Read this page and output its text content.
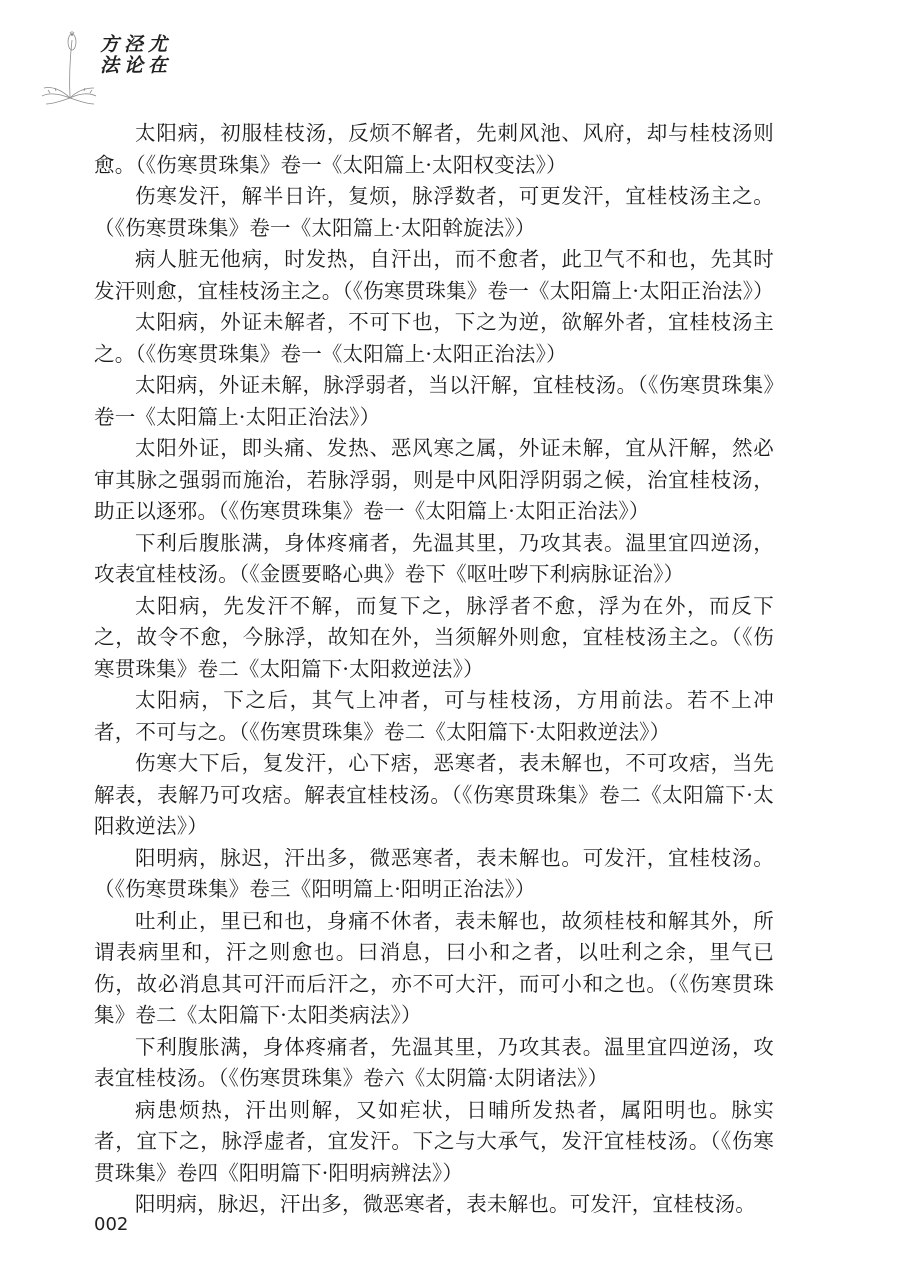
尤在
泾论
方法

太阳病，初服桂枝汤，反烦不解者，先刺风池、风府，却与桂枝汤则愈。（《伤寒贯珠集》卷一《太阳篇上·太阳权变法》）

伤寒发汗，解半日许，复烦，脉浮数者，可更发汗，宜桂枝汤主之。（《伤寒贯珠集》卷一《太阳篇上·太阳斡旋法》）

病人脏无他病，时发热，自汗出，而不愈者，此卫气不和也，先其时发汗则愈，宜桂枝汤主之。（《伤寒贯珠集》卷一《太阳篇上·太阳正治法》）

太阳病，外证未解者，不可下也，下之为逆，欲解外者，宜桂枝汤主之。（《伤寒贯珠集》卷一《太阳篇上·太阳正治法》）

太阳病，外证未解，脉浮弱者，当以汗解，宜桂枝汤。（《伤寒贯珠集》卷一《太阳篇上·太阳正治法》）

太阳外证，即头痛、发热、恶风寒之属，外证未解，宜从汗解，然必审其脉之强弱而施治，若脉浮弱，则是中风阳浮阴弱之候，治宜桂枝汤，助正以逐邪。（《伤寒贯珠集》卷一《太阳篇上·太阳正治法》）

下利后腹胀满，身体疼痛者，先温其里，乃攻其表。温里宜四逆汤，攻表宜桂枝汤。（《金匮要略心典》卷下《呕吐哕下利病脉证治》）

太阳病，先发汗不解，而复下之，脉浮者不愈，浮为在外，而反下之，故令不愈，今脉浮，故知在外，当须解外则愈，宜桂枝汤主之。（《伤寒贯珠集》卷二《太阳篇下·太阳救逆法》）

太阳病，下之后，其气上冲者，可与桂枝汤，方用前法。若不上冲者，不可与之。（《伤寒贯珠集》卷二《太阳篇下·太阳救逆法》）

伤寒大下后，复发汗，心下痞，恶寒者，表未解也，不可攻痞，当先解表，表解乃可攻痞。解表宜桂枝汤。（《伤寒贯珠集》卷二《太阳篇下·太阳救逆法》）

阳明病，脉迟，汗出多，微恶寒者，表未解也。可发汗，宜桂枝汤。（《伤寒贯珠集》卷三《阳明篇上·阳明正治法》）

吐利止，里已和也，身痛不休者，表未解也，故须桂枝和解其外，所谓表病里和，汗之则愈也。曰消息，曰小和之者，以吐利之余，里气已伤，故必消息其可汗而后汗之，亦不可大汗，而可小和之也。（《伤寒贯珠集》卷二《太阳篇下·太阳类病法》）

下利腹胀满，身体疼痛者，先温其里，乃攻其表。温里宜四逆汤，攻表宜桂枝汤。（《伤寒贯珠集》卷六《太阴篇·太阴诸法》）

病患烦热，汗出则解，又如疟状，日晡所发热者，属阳明也。脉实者，宜下之，脉浮虚者，宜发汗。下之与大承气，发汗宜桂枝汤。（《伤寒贯珠集》卷四《阳明篇下·阳明病辨法》）

阳明病，脉迟，汗出多，微恶寒者，表未解也。可发汗，宜桂枝汤。

002
